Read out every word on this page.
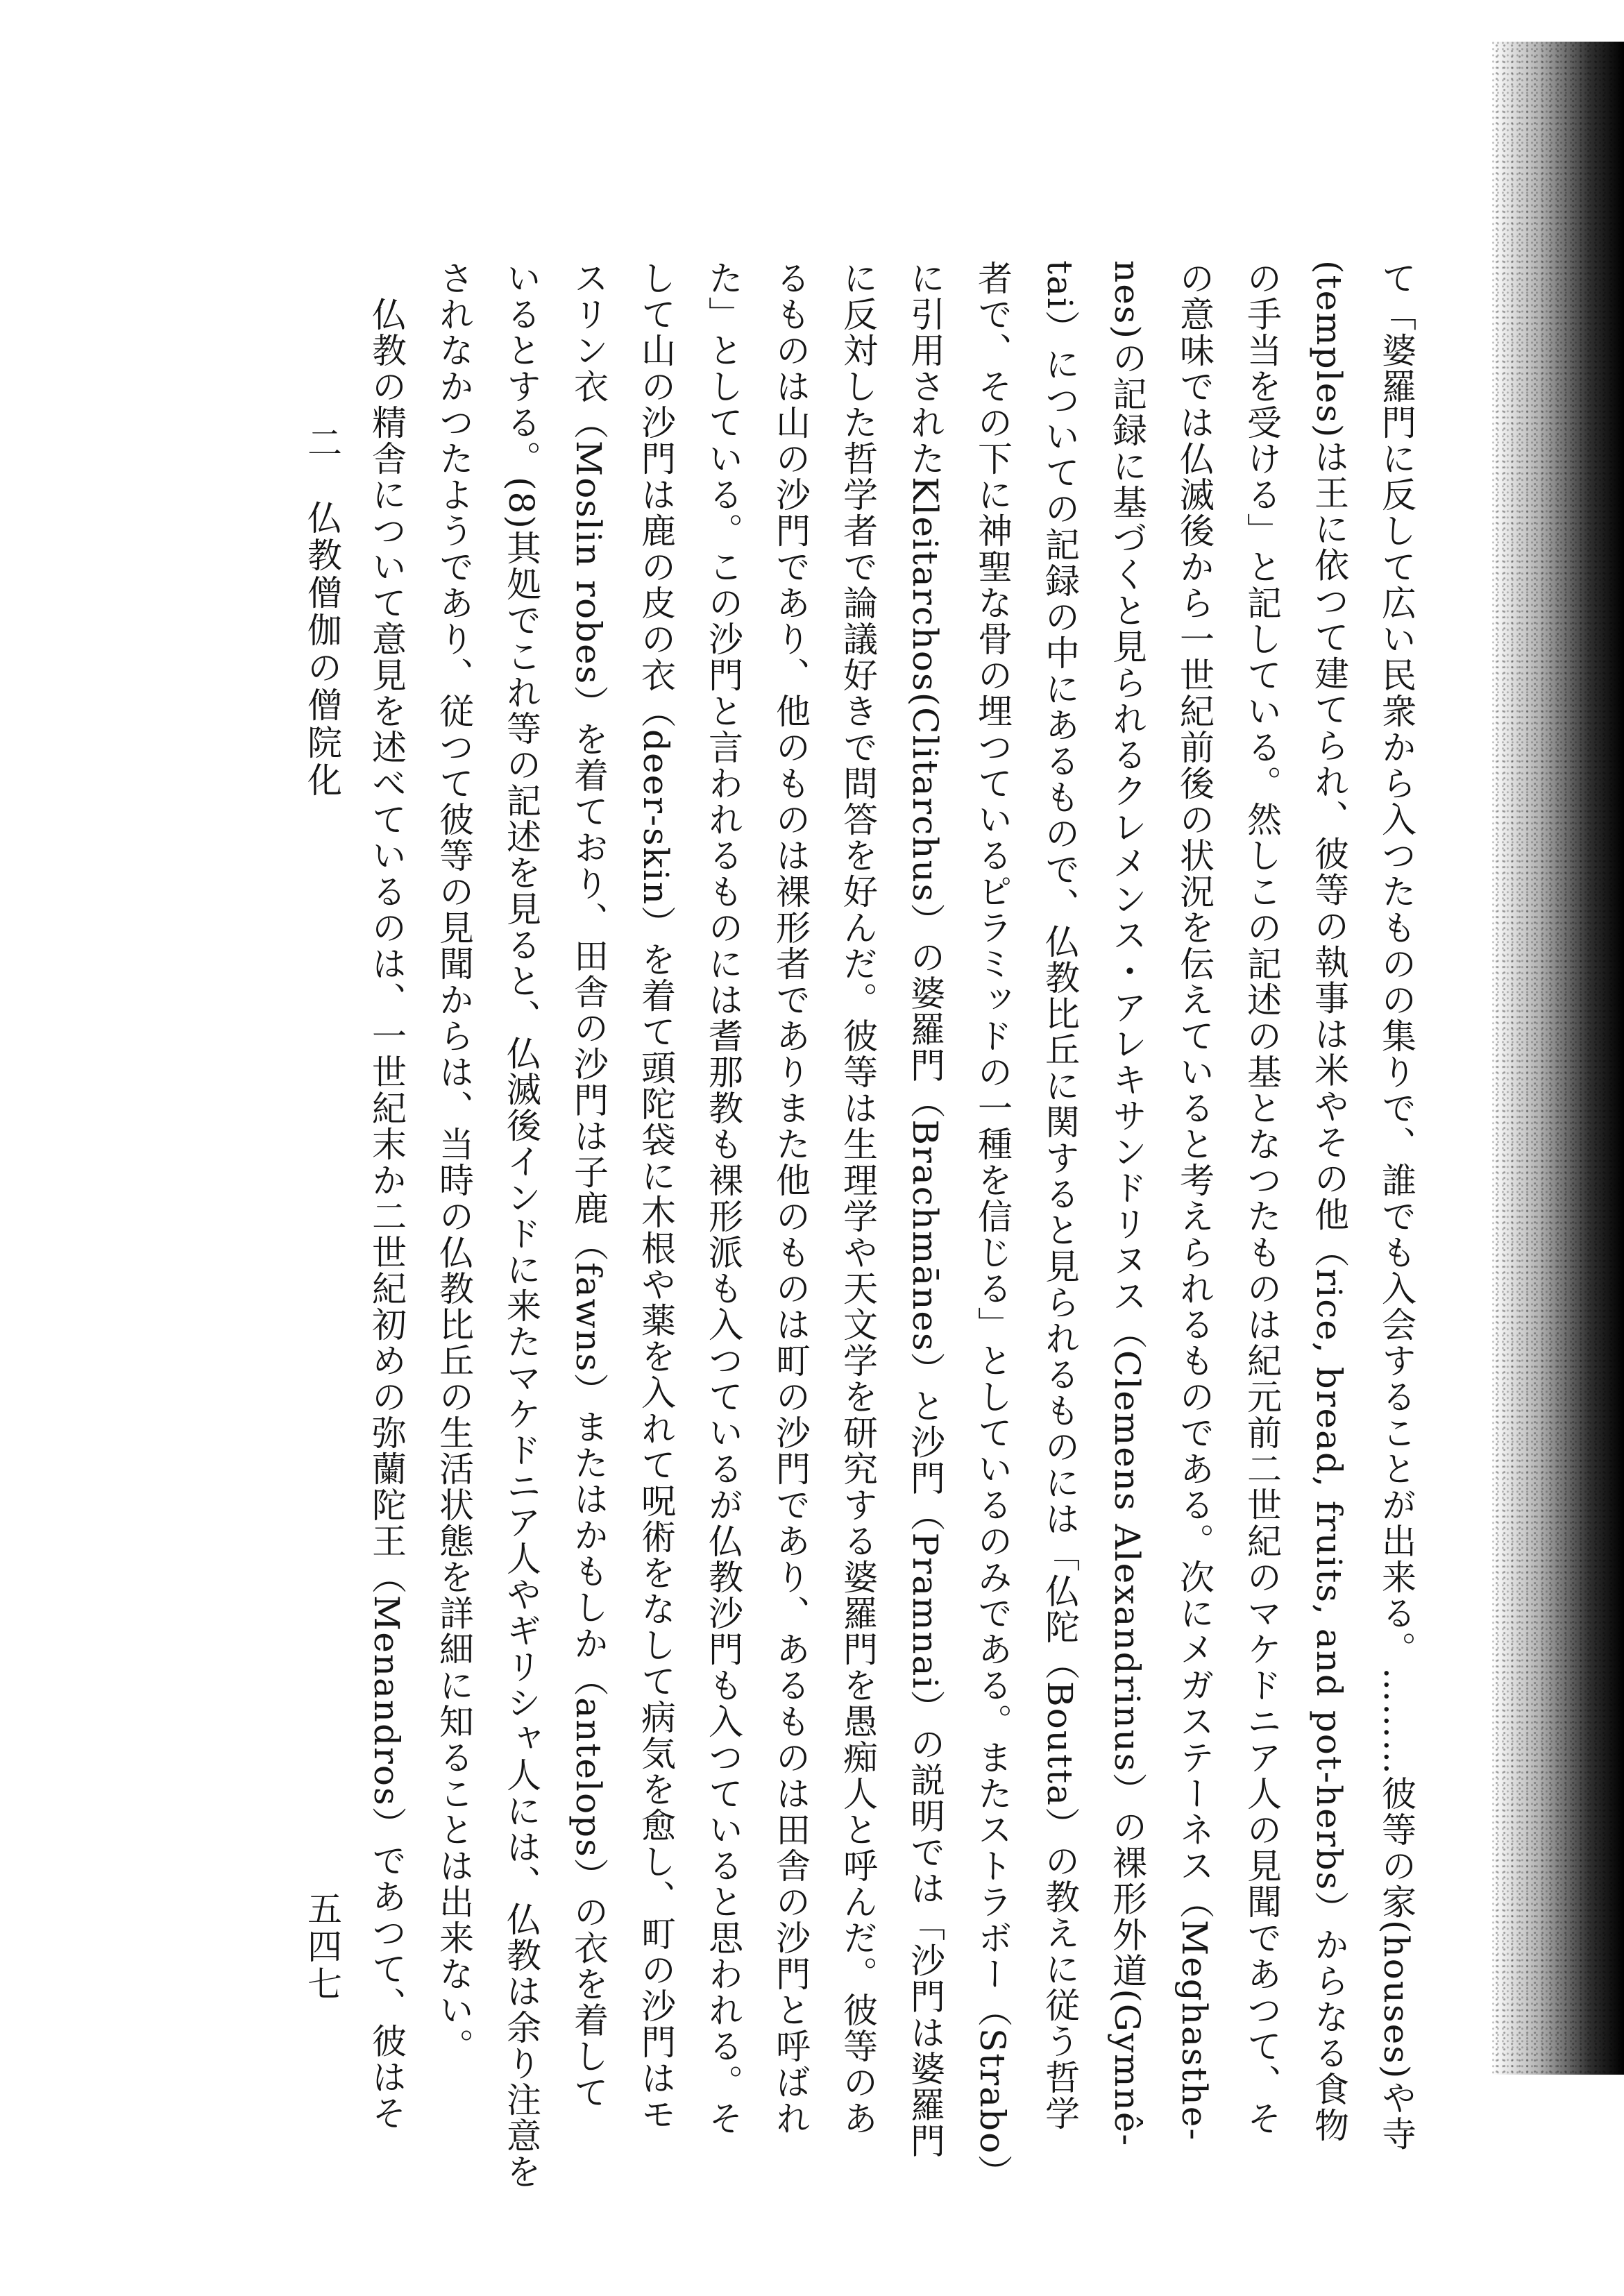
て「婆羅門に反して広い民衆から入つたものの集りで、誰でも入会することが出来る。………彼等の家(houses)や寺
(temples)は王に依つて建てられ、彼等の執事は米やその他（rice, bread, fruits, and pot-herbs）からなる食物
の手当を受ける」と記している。然しこの記述の基となつたものは紀元前二世紀のマケドニア人の見聞であつて、そ
の意味では仏滅後から一世紀前後の状況を伝えていると考えられるものである。次にメガステーネス（Meghasthe-
nes)の記録に基づくと見られるクレメンス・アレキサンドリヌス（Clemens Alexandrinus）の裸形外道(Gymnê-
tai）についての記録の中にあるもので、仏教比丘に関すると見られるものには「仏陀（Boutta）の教えに従う哲学
者で、その下に神聖な骨の埋つているピラミッドの一種を信じる」としているのみである。またストラボー（Strabo）
に引用されたKleitarchos(Clitarchus）の婆羅門（Brachmānes）と沙門（Pramnai）の説明では「沙門は婆羅門
に反対した哲学者で論議好きで問答を好んだ。彼等は生理学や天文学を研究する婆羅門を愚痴人と呼んだ。彼等のあ
るものは山の沙門であり、他のものは裸形者でありまた他のものは町の沙門であり、あるものは田舎の沙門と呼ばれ
た」としている。この沙門と言われるものには耆那教も裸形派も入つているが仏教沙門も入つていると思われる。そ
して山の沙門は鹿の皮の衣（deer-skin）を着て頭陀袋に木根や薬を入れて呪術をなして病気を愈し、町の沙門はモ
スリン衣（Moslin robes）を着ており、田舎の沙門は子鹿（fawns）またはかもしか（antelops）の衣を着して
いるとする。(8)其処でこれ等の記述を見ると、仏滅後インドに来たマケドニア人やギリシャ人には、仏教は余り注意を
されなかつたようであり、従つて彼等の見聞からは、当時の仏教比丘の生活状態を詳細に知ることは出来ない。
　仏教の精舎について意見を述べているのは、一世紀末か二世紀初めの弥蘭陀王（Menandros）であつて、彼はそ
二　仏教僧伽の僧院化
五四七
